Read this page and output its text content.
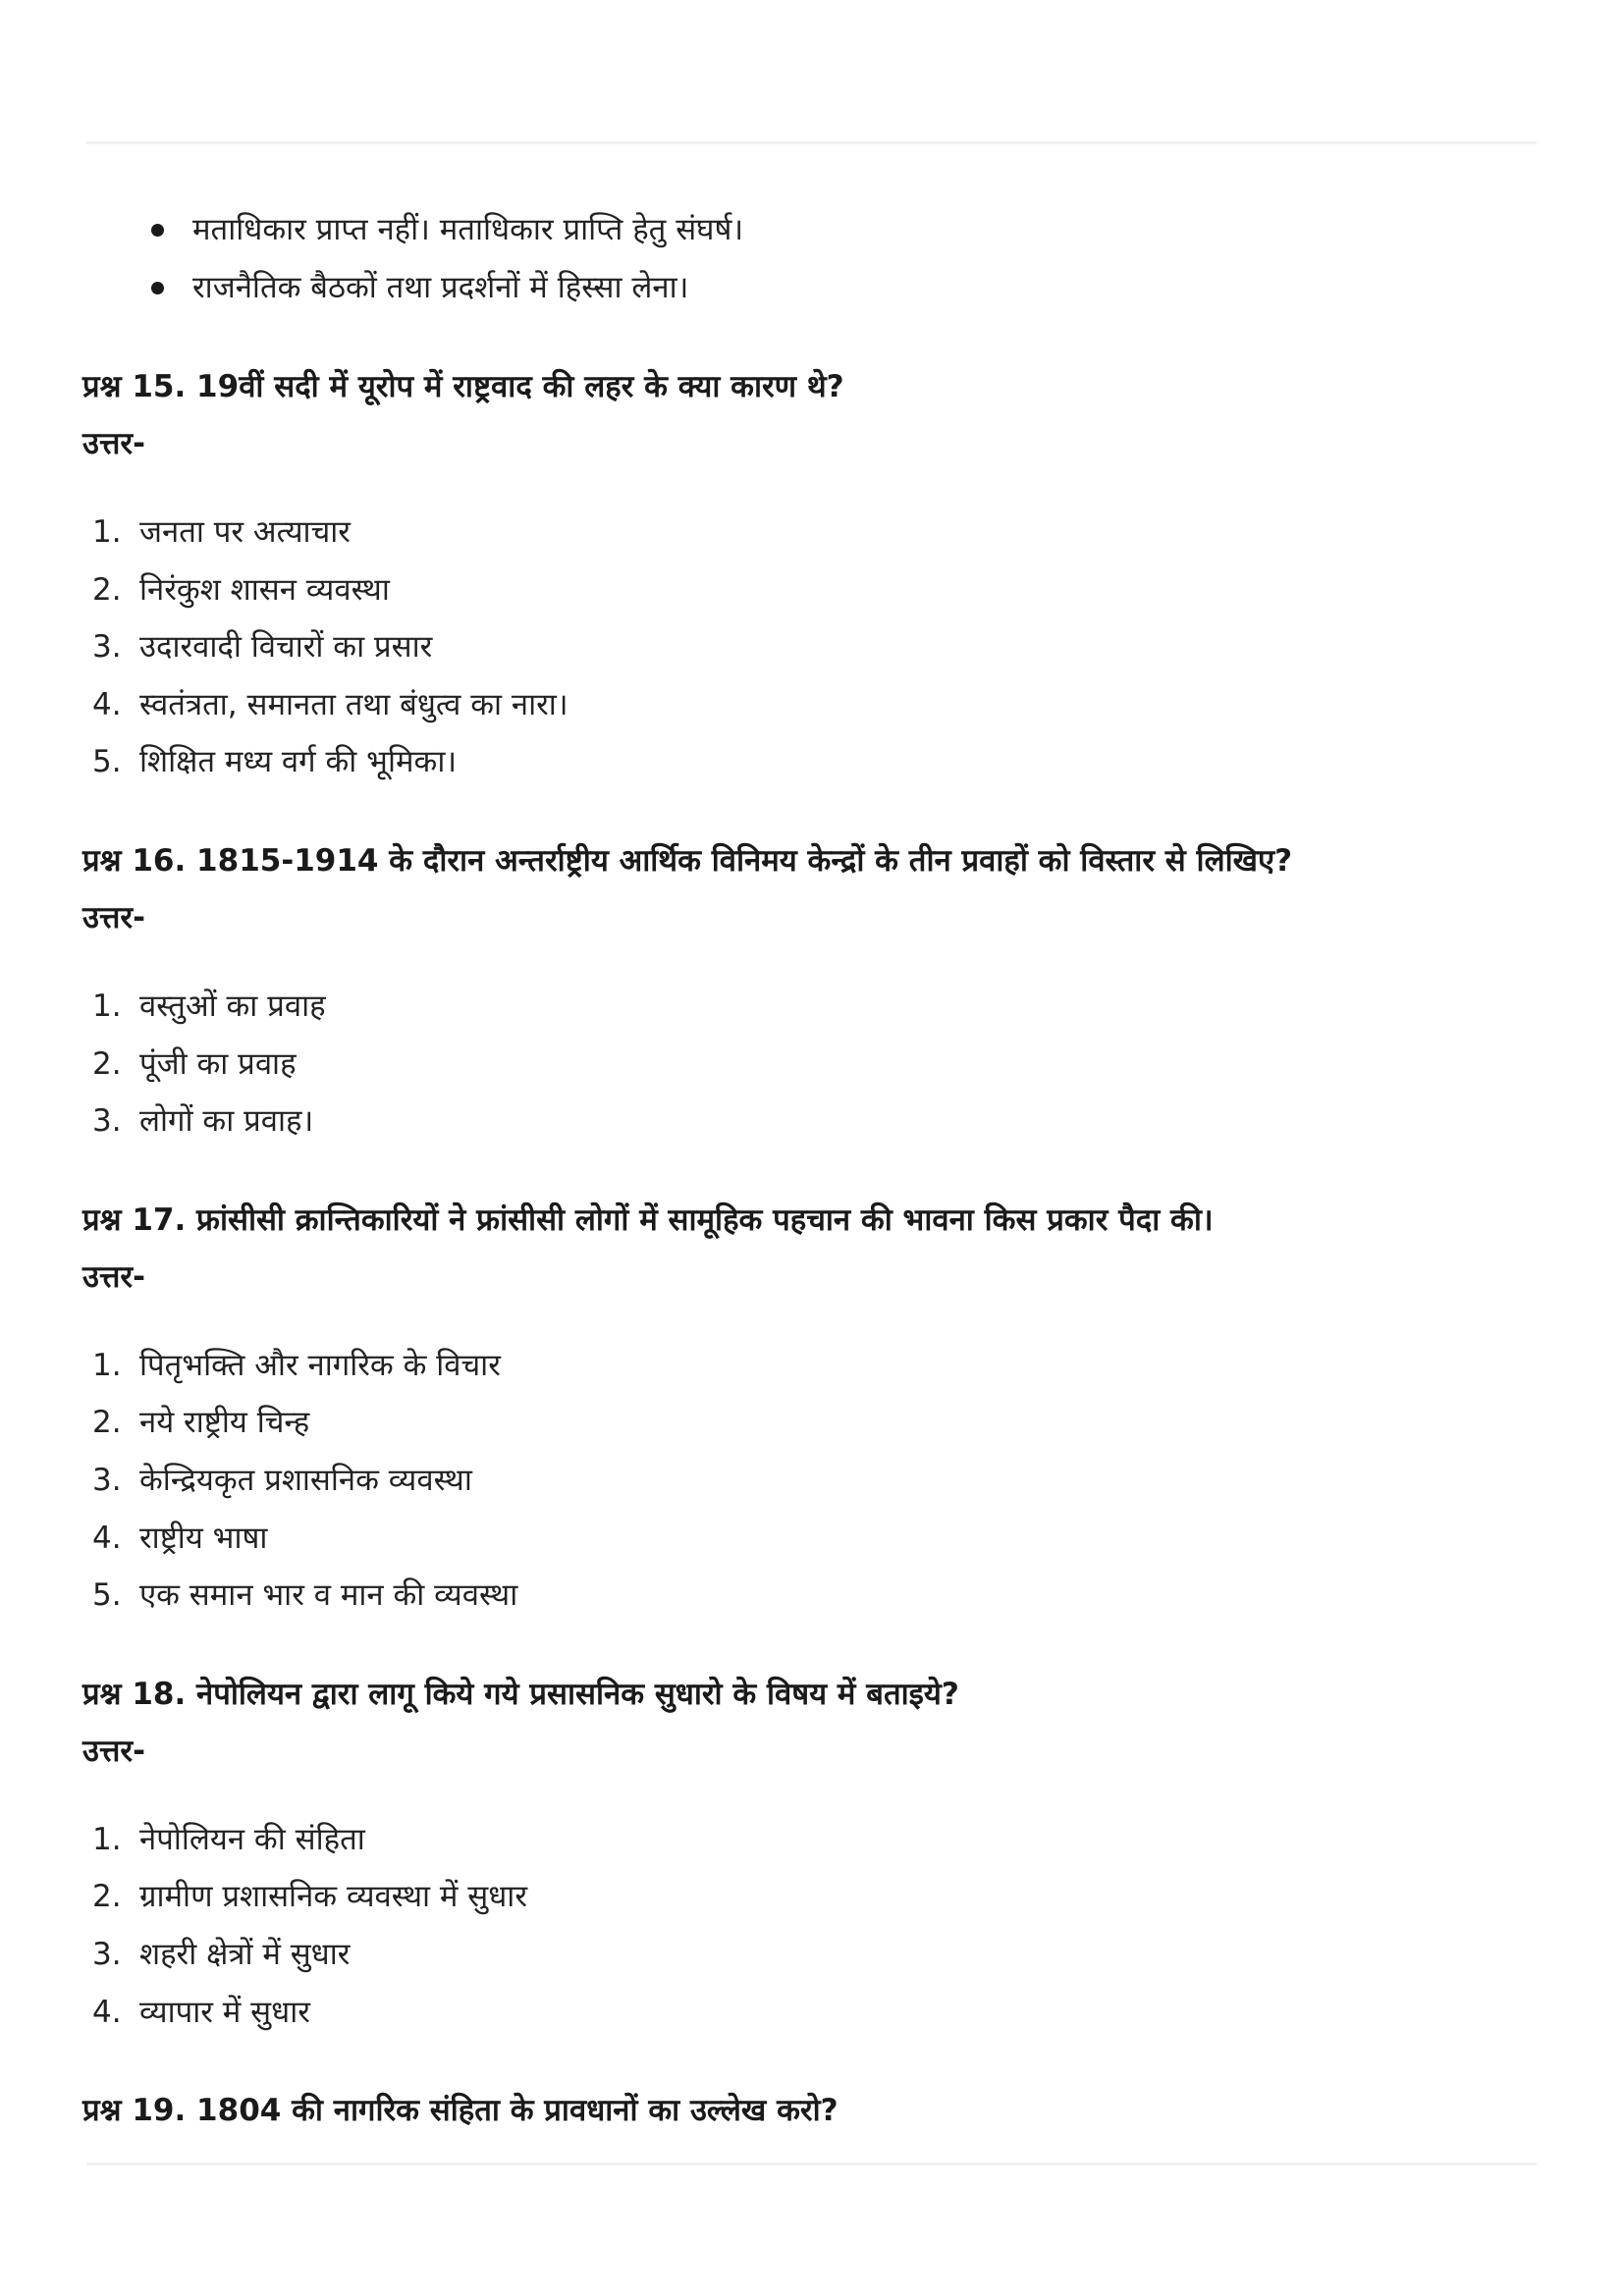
मताधिकार प्राप्त नहीं। मताधिकार प्राप्ति हेतु संघर्ष।
राजनैतिक बैठकों तथा प्रदर्शनों में हिस्सा लेना।

प्रश्न 15. 19वीं सदी में यूरोप में राष्ट्रवाद की लहर के क्या कारण थे?

उत्तर-

1. जनता पर अत्याचार
2. निरंकुश शासन व्यवस्था
3. उदारवादी विचारों का प्रसार
4. स्वतंत्रता, समानता तथा बंधुत्व का नारा।
5. शिक्षित मध्य वर्ग की भूमिका।

प्रश्न 16. 1815-1914 के दौरान अन्तर्राष्ट्रीय आर्थिक विनिमय केन्द्रों के तीन प्रवाहों को विस्तार से लिखिए?

उत्तर-

1. वस्तुओं का प्रवाह
2. पूंजी का प्रवाह
3. लोगों का प्रवाह।

प्रश्न 17. फ्रांसीसी क्रान्तिकारियों ने फ्रांसीसी लोगों में सामूहिक पहचान की भावना किस प्रकार पैदा की।

उत्तर-

1. पितृभक्ति और नागरिक के विचार
2. नये राष्ट्रीय चिन्ह
3. केन्द्रियकृत प्रशासनिक व्यवस्था
4. राष्ट्रीय भाषा
5. एक समान भार व मान की व्यवस्था

प्रश्न 18. नेपोलियन द्वारा लागू किये गये प्रसासनिक सुधारो के विषय में बताइये?

उत्तर-

1. नेपोलियन की संहिता
2. ग्रामीण प्रशासनिक व्यवस्था में सुधार
3. शहरी क्षेत्रों में सुधार
4. व्यापार में सुधार

प्रश्न 19. 1804 की नागरिक संहिता के प्रावधानों का उल्लेख करो?
